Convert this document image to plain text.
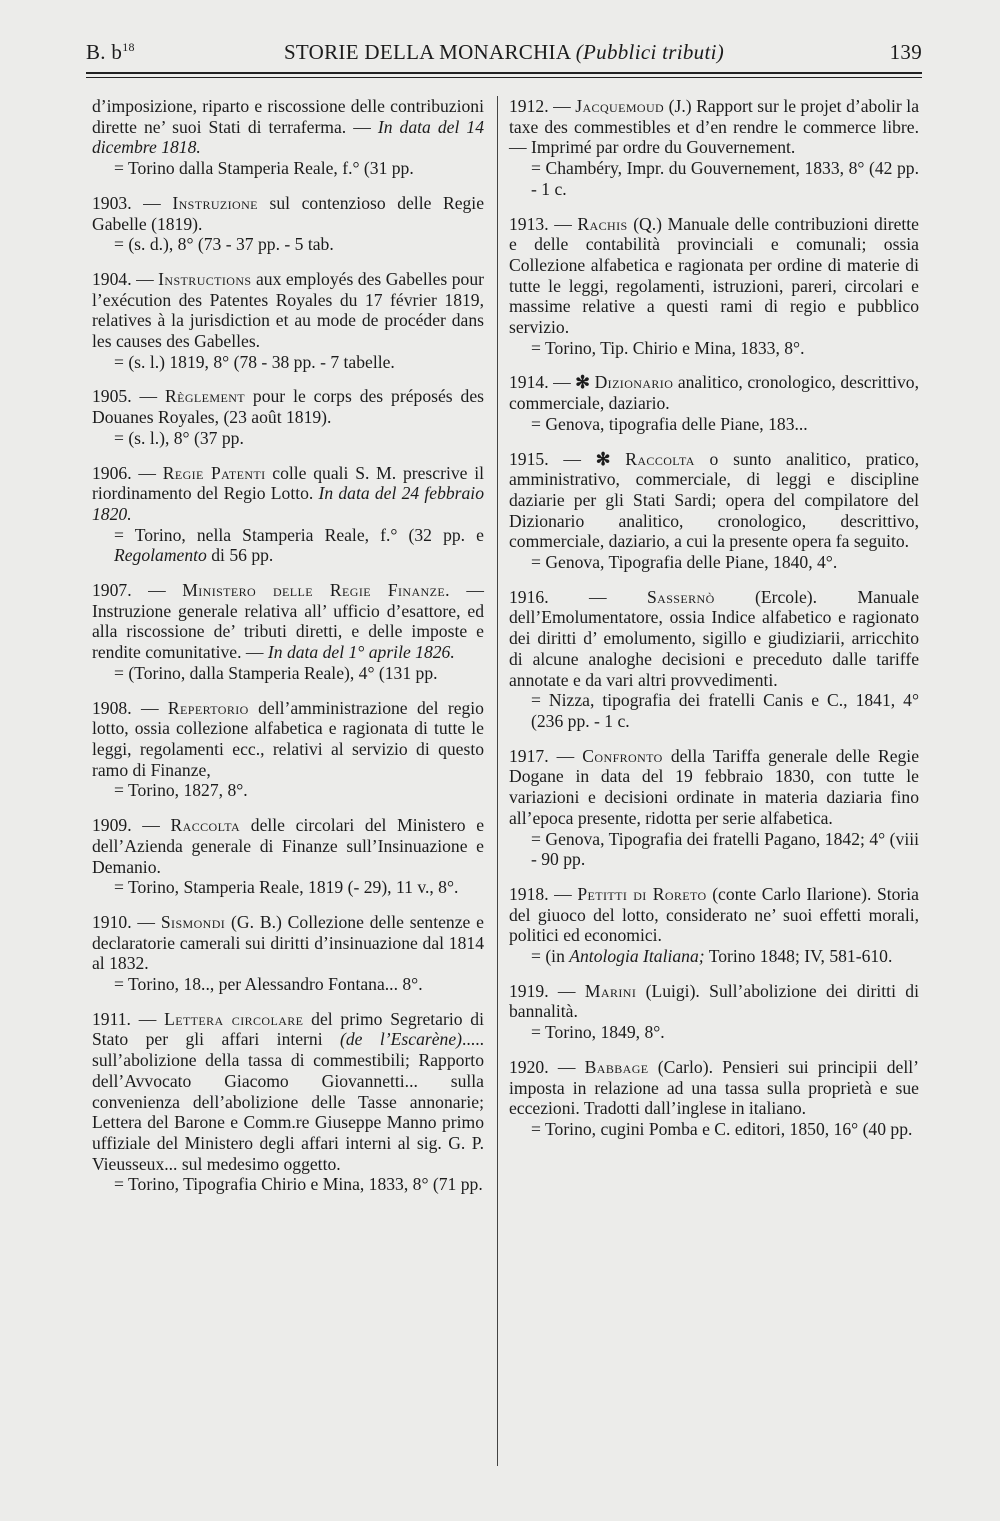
B. $b^{18}$	STORIE DELLA MONARCHIA (Pubblici tributi)	139

d’imposizione, riparto e riscossione delle contribuzioni dirette ne’ suoi Stati di terraferma. — In data del 14 dicembre 1818.

= Torino dalla Stamperia Reale, f.° (31 pp.

1903. — Instruzione sul contenzioso delle Regie Gabelle (1819).

= (s. d.), 8° (73 - 37 pp. - 5 tab.

1904. — Instructions aux employés des Gabelles pour l’exécution des Patentes Royales du 17 février 1819, relatives à la jurisdiction et au mode de procéder dans les causes des Gabelles.

= (s. l.) 1819, 8° (78 - 38 pp. - 7 tabelle.

1905. — Règlement pour le corps des préposés des Douanes Royales, (23 août 1819).

= (s. l.), 8° (37 pp.

1906. — Regie Patenti colle quali S. M. prescrive il riordinamento del Regio Lotto. In data del 24 febbraio 1820.

= Torino, nella Stamperia Reale, f.° (32 pp. e Regolamento di 56 pp.

1907. — Ministero delle Regie Finanze. — Instruzione generale relativa all’ ufficio d’esattore, ed alla riscossione de’ tributi diretti, e delle imposte e rendite comunitative. — In data del 1° aprile 1826.

= (Torino, dalla Stamperia Reale), 4° (131 pp.

1908. — Repertorio dell’amministrazione del regio lotto, ossia collezione alfabetica e ragionata di tutte le leggi, regolamenti ecc., relativi al servizio di questo ramo di Finanze,

= Torino, 1827, 8°.

1909. — Raccolta delle circolari del Ministero e dell’Azienda generale di Finanze sull’Insinuazione e Demanio.

= Torino, Stamperia Reale, 1819 (- 29), 11 v., 8°.

1910. — Sismondi (G. B.) Collezione delle sentenze e declaratorie camerali sui diritti d’insinuazione dal 1814 al 1832.

= Torino, 18.., per Alessandro Fontana... 8°.

1911. — Lettera circolare del primo Segretario di Stato per gli affari interni (de l’Escarène)..... sull’abolizione della tassa di commestibili; Rapporto dell’Avvocato Giacomo Giovannetti... sulla convenienza dell’abolizione delle Tasse annonarie; Lettera del Barone e Comm.re Giuseppe Manno primo uffiziale del Ministero degli affari interni al sig. G. P. Vieusseux... sul medesimo oggetto.

= Torino, Tipografia Chirio e Mina, 1833, 8° (71 pp.

1912. — Jacquemoud (J.) Rapport sur le projet d’abolir la taxe des commestibles et d’en rendre le commerce libre. — Imprimé par ordre du Gouvernement.

= Chambéry, Impr. du Gouvernement, 1833, 8° (42 pp. - 1 c.

1913. — Rachis (Q.) Manuale delle contribuzioni dirette e delle contabilità provinciali e comunali; ossia Collezione alfabetica e ragionata per ordine di materie di tutte le leggi, regolamenti, istruzioni, pareri, circolari e massime relative a questi rami di regio e pubblico servizio.

= Torino, Tip. Chirio e Mina, 1833, 8°.

1914. — ✻ Dizionario analitico, cronologico, descrittivo, commerciale, daziario.

= Genova, tipografia delle Piane, 183...

1915. — ✻ Raccolta o sunto analitico, pratico, amministrativo, commerciale, di leggi e discipline daziarie per gli Stati Sardi; opera del compilatore del Dizionario analitico, cronologico, descrittivo, commerciale, daziario, a cui la presente opera fa seguito.

= Genova, Tipografia delle Piane, 1840, 4°.

1916. — Sassernò (Ercole). Manuale dell’Emolumentatore, ossia Indice alfabetico e ragionato dei diritti d’ emolumento, sigillo e giudiziarii, arricchito di alcune analoghe decisioni e preceduto dalle tariffe annotate e da vari altri provvedimenti.

= Nizza, tipografia dei fratelli Canis e C., 1841, 4° (236 pp. - 1 c.

1917. — Confronto della Tariffa generale delle Regie Dogane in data del 19 febbraio 1830, con tutte le variazioni e decisioni ordinate in materia daziaria fino all’epoca presente, ridotta per serie alfabetica.

= Genova, Tipografia dei fratelli Pagano, 1842; 4° (viii - 90 pp.

1918. — Petitti di Roreto (conte Carlo Ilarione). Storia del giuoco del lotto, considerato ne’ suoi effetti morali, politici ed economici.

= (in Antologia Italiana; Torino 1848; IV, 581-610.

1919. — Marini (Luigi). Sull’abolizione dei diritti di bannalità.

= Torino, 1849, 8°.

1920. — Babbage (Carlo). Pensieri sui principii dell’ imposta in relazione ad una tassa sulla proprietà e sue eccezioni. Tradotti dall’inglese in italiano.

= Torino, cugini Pomba e C. editori, 1850, 16° (40 pp.
